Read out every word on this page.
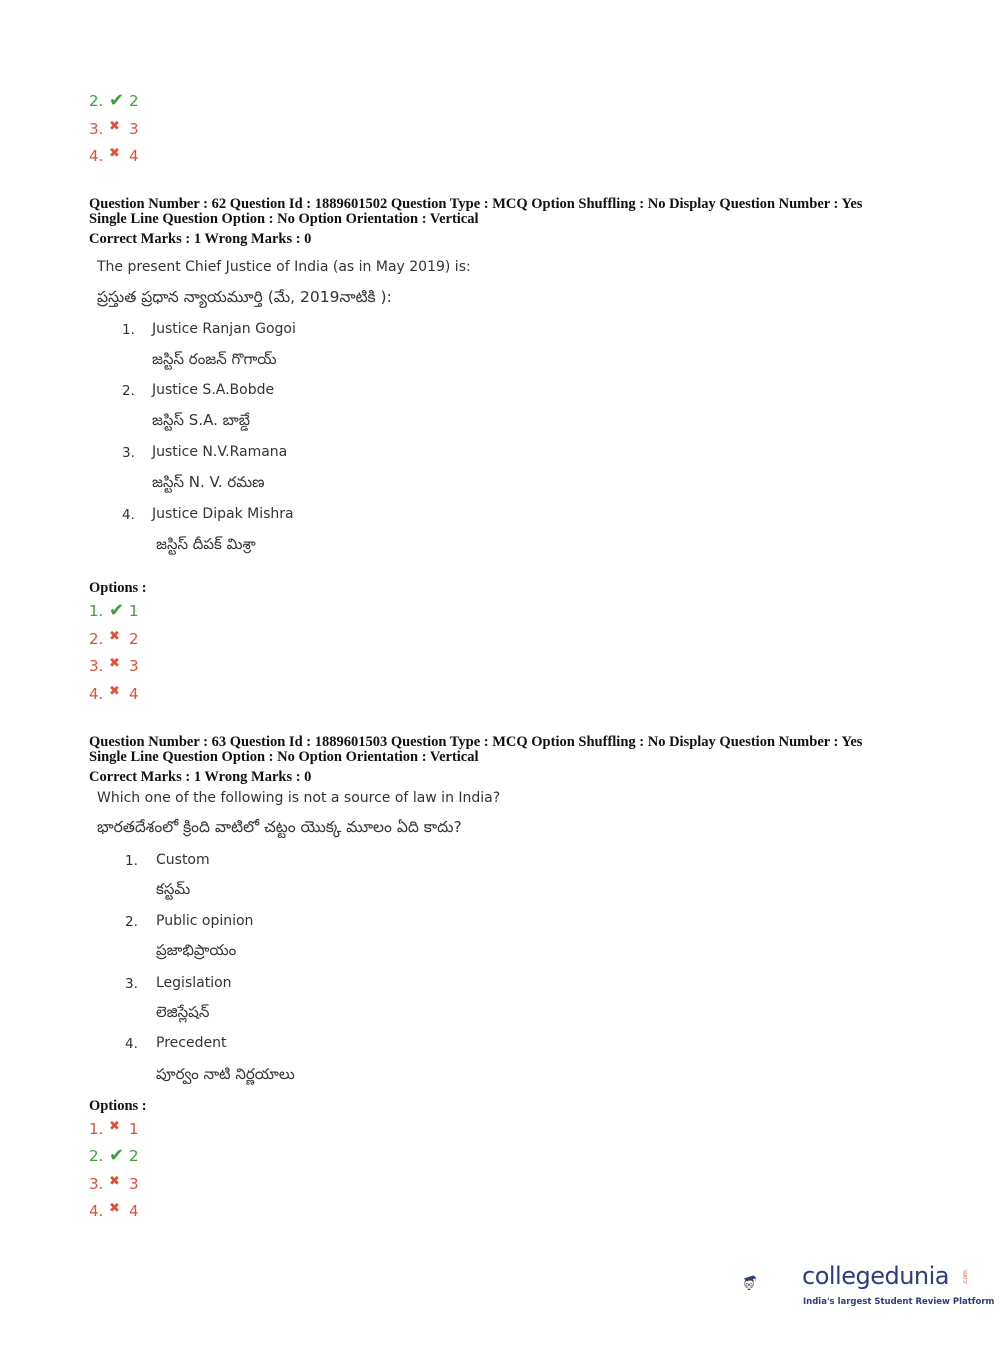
2. ✔ 2
3. ✖ 3
4. ✖ 4
Question Number : 62 Question Id : 1889601502 Question Type : MCQ Option Shuffling : No Display Question Number : Yes
Single Line Question Option : No Option Orientation : Vertical
Correct Marks : 1 Wrong Marks : 0
The present Chief Justice of India (as in May 2019) is:
ప్రస్తుత ప్రధాన న్యాయమూర్తి (మే, 2019నాటికి ):
1. Justice Ranjan Gogoi
జస్టిస్ రంజన్ గొగాయ్
2. Justice S.A.Bobde
జస్టిస్ S.A. బాబ్డే
3. Justice N.V.Ramana
జస్టిస్ N. V. రమణ
4. Justice Dipak Mishra
జస్టిస్ దీపక్ మిశ్రా
Options :
1. ✔ 1
2. ✖ 2
3. ✖ 3
4. ✖ 4
Question Number : 63 Question Id : 1889601503 Question Type : MCQ Option Shuffling : No Display Question Number : Yes
Single Line Question Option : No Option Orientation : Vertical
Correct Marks : 1 Wrong Marks : 0
Which one of the following is not a source of law in India?
భారతదేశంలో క్రింది వాటిలో చట్టం యొక్క మూలం ఏది కాదు?
1. Custom
కస్టమ్
2. Public opinion
ప్రజాభిప్రాయం
3. Legislation
లెజిస్లేషన్
4. Precedent
పూర్వం నాటి నిర్ణయాలు
Options :
1. ✖ 1
2. ✔ 2
3. ✖ 3
4. ✖ 4
collegedunia .com
India's largest Student Review Platform
